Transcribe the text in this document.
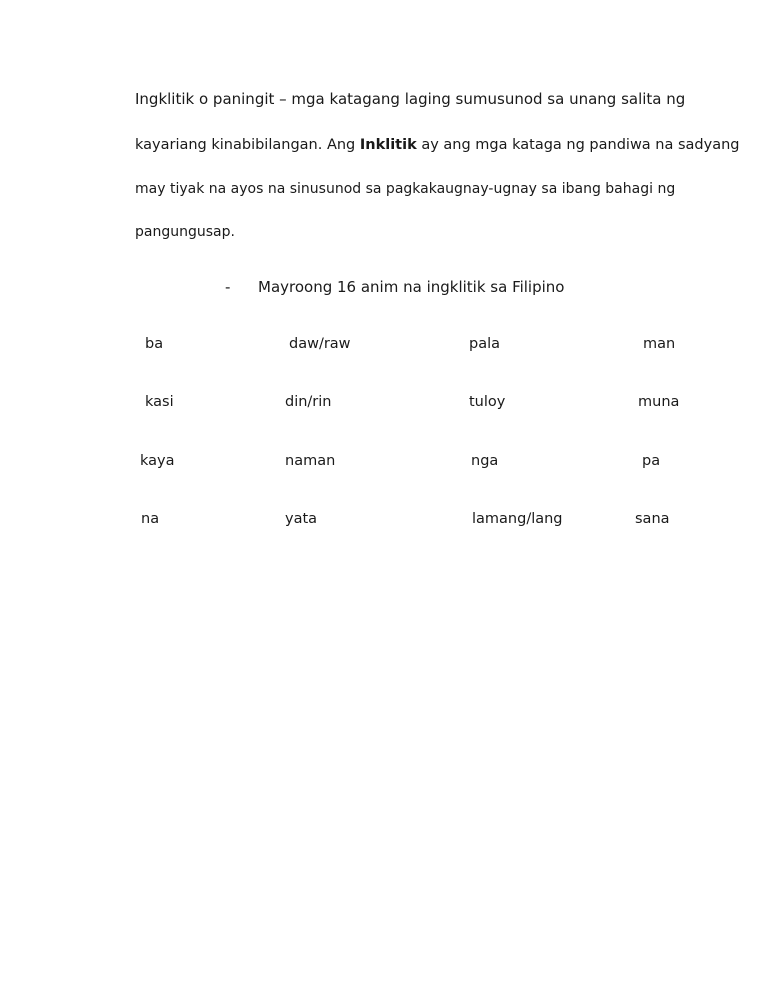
Ingklitik o paningit – mga katagang laging sumusunod sa unang salita ng
kayariang kinabibilangan. Ang Inklitik ay ang mga kataga ng pandiwa na sadyang
may tiyak na ayos na sinusunod sa pagkakaugnay-ugnay sa ibang bahagi ng
pangungusap.
- Mayroong 16 anim na ingklitik sa Filipino
ba	daw/raw	pala	man
kasi	din/rin	tuloy	muna
kaya	naman	nga	pa
na	yata	lamang/lang	sana
